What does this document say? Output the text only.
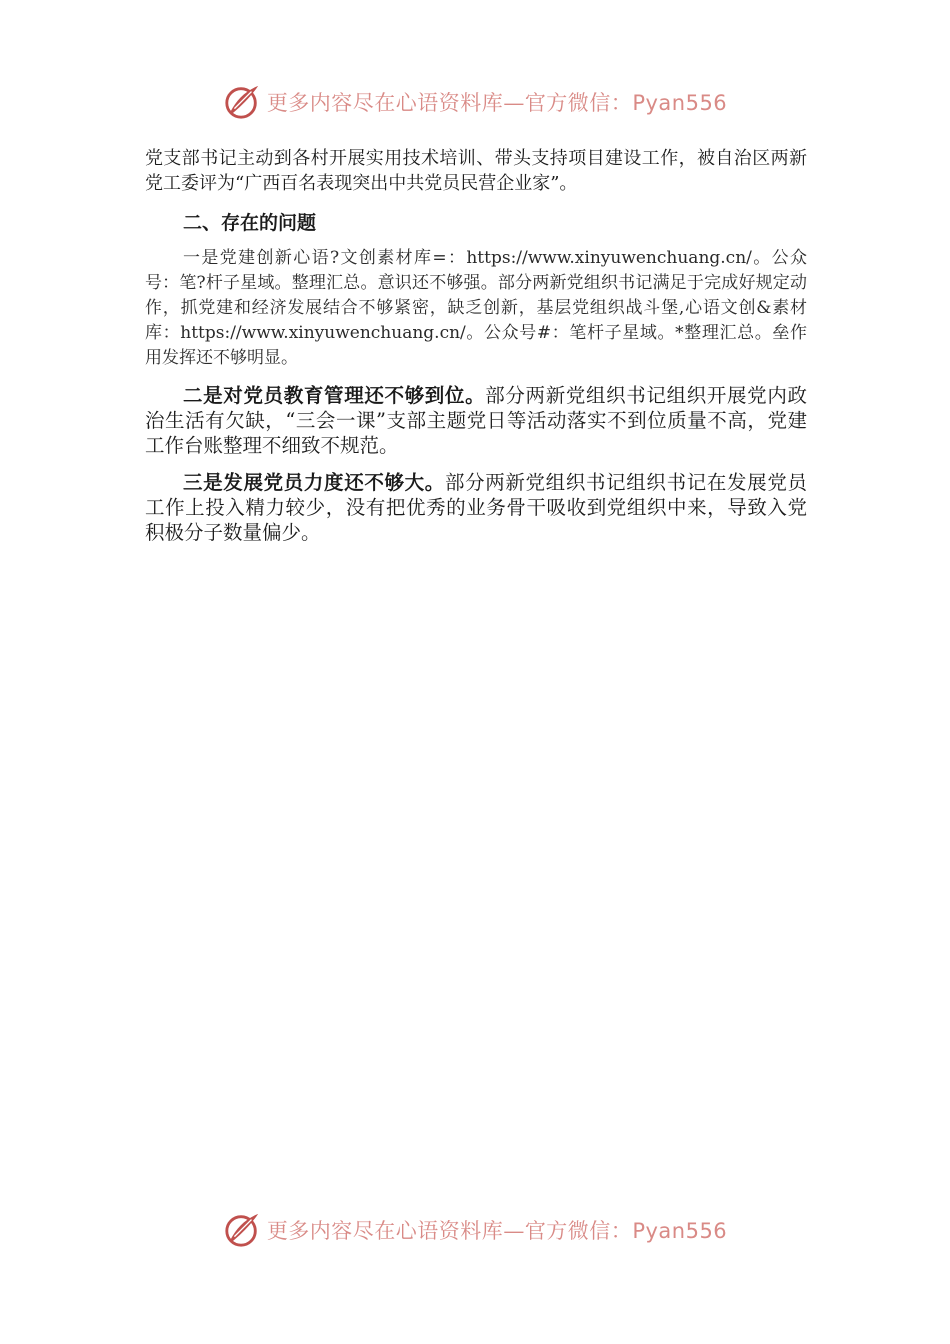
更多内容尽在心语资料库—官方微信：Pyan556

党支部书记主动到各村开展实用技术培训、带头支持项目建设工作，被自治区两新党工委评为“广西百名表现突出中共党员民营企业家”。

二、存在的问题

一是党建创新心语?文创素材库=：https://www.xinyuwenchuang.cn/。公众号：笔?杆子星域。整理汇总。意识还不够强。部分两新党组织书记满足于完成好规定动作，抓党建和经济发展结合不够紧密，缺乏创新，基层党组织战斗堡,心语文创&素材库：https://www.xinyuwenchuang.cn/。公众号#：笔杆子星域。*整理汇总。垒作用发挥还不够明显。

二是对党员教育管理还不够到位。部分两新党组织书记组织开展党内政治生活有欠缺，“三会一课”支部主题党日等活动落实不到位质量不高，党建工作台账整理不细致不规范。

三是发展党员力度还不够大。部分两新党组织书记组织书记在发展党员工作上投入精力较少，没有把优秀的业务骨干吸收到党组织中来，导致入党积极分子数量偏少。

更多内容尽在心语资料库—官方微信：Pyan556
